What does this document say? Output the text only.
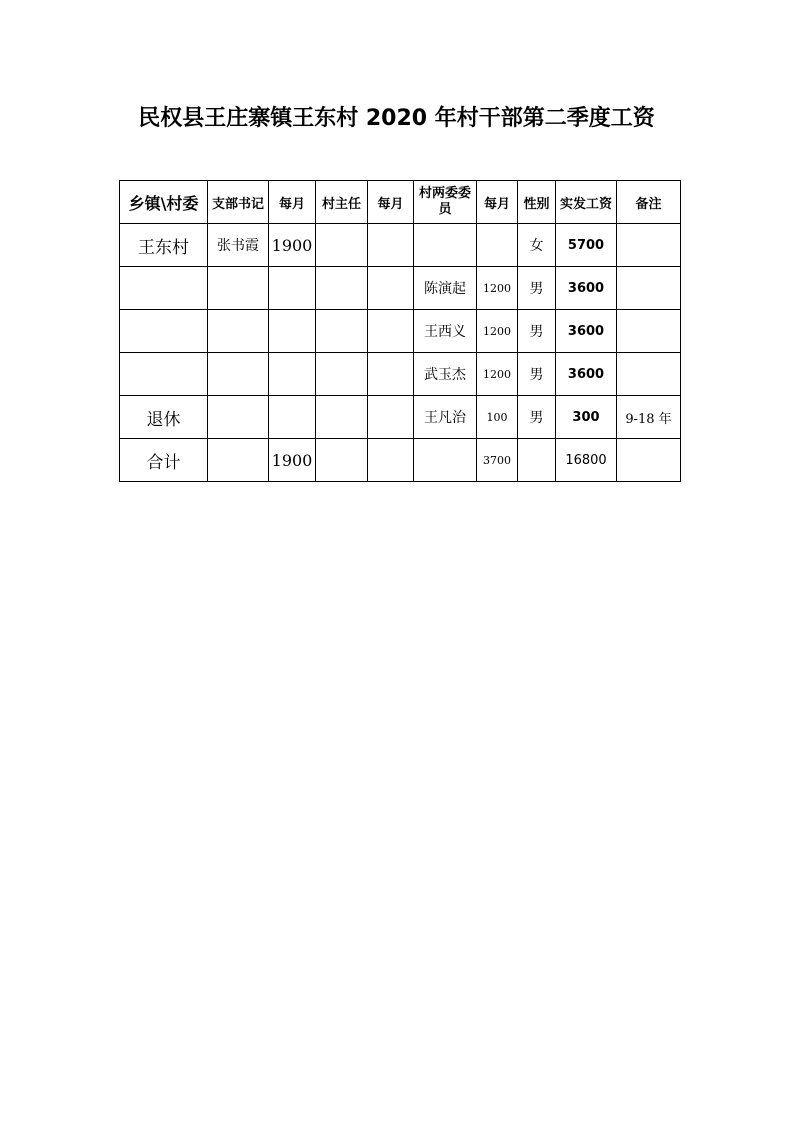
民权县王庄寨镇王东村 2020 年村干部第二季度工资
乡镇\村委	支部书记	每月	村主任	每月	村两委委员	每月	性别	实发工资	备注
王东村	张书霞	1900					女	5700	
					陈演起	1200	男	3600	
					王西义	1200	男	3600	
					武玉杰	1200	男	3600	
退休					王凡治	100	男	300	9-18 年
合计		1900				3700		16800	
